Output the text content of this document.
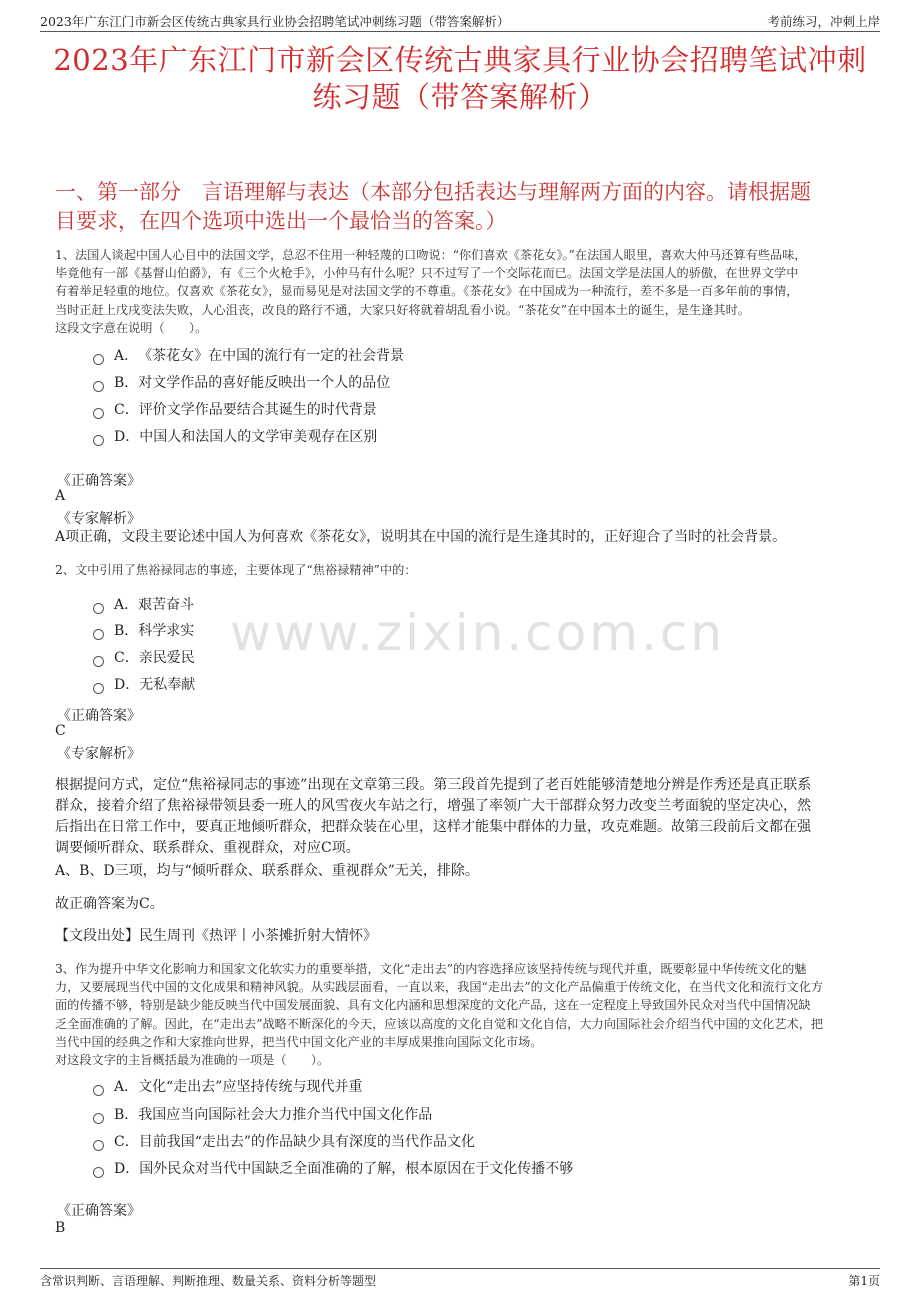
2023年广东江门市新会区传统古典家具行业协会招聘笔试冲刺练习题（带答案解析）	考前练习，冲刺上岸
2023年广东江门市新会区传统古典家具行业协会招聘笔试冲刺
练习题（带答案解析）
一、第一部分　言语理解与表达（本部分包括表达与理解两方面的内容。请根据题
目要求，在四个选项中选出一个最恰当的答案。）
www.zixin.com.cn
1、法国人谈起中国人心目中的法国文学，总忍不住用一种轻蔑的口吻说：“你们喜欢《茶花女》。”在法国人眼里，喜欢大仲马还算有些品味，
毕竟他有一部《基督山伯爵》，有《三个火枪手》，小仲马有什么呢？只不过写了一个交际花而已。法国文学是法国人的骄傲，在世界文学中
有着举足轻重的地位。仅喜欢《茶花女》，显而易见是对法国文学的不尊重。《茶花女》在中国成为一种流行，差不多是一百多年前的事情，
当时正赶上戊戌变法失败，人心沮丧，改良的路行不通，大家只好将就着胡乱看小说。“茶花女”在中国本土的诞生，是生逢其时。
这段文字意在说明（　　）。
A． 《茶花女》在中国的流行有一定的社会背景
B． 对文学作品的喜好能反映出一个人的品位
C． 评价文学作品要结合其诞生的时代背景
D． 中国人和法国人的文学审美观存在区别
《正确答案》
A
《专家解析》
A项正确，文段主要论述中国人为何喜欢《茶花女》，说明其在中国的流行是生逢其时的，正好迎合了当时的社会背景。
2、文中引用了焦裕禄同志的事迹，主要体现了“焦裕禄精神”中的：
A． 艰苦奋斗
B． 科学求实
C． 亲民爱民
D． 无私奉献
《正确答案》
C
《专家解析》
根据提问方式，定位“焦裕禄同志的事迹”出现在文章第三段。第三段首先提到了老百姓能够清楚地分辨是作秀还是真正联系
群众，接着介绍了焦裕禄带领县委一班人的风雪夜火车站之行，增强了率领广大干部群众努力改变兰考面貌的坚定决心，然
后指出在日常工作中，要真正地倾听群众，把群众装在心里，这样才能集中群体的力量，攻克难题。故第三段前后文都在强
调要倾听群众、联系群众、重视群众，对应C项。
A、B、D三项，均与“倾听群众、联系群众、重视群众”无关，排除。
故正确答案为C。
【文段出处】民生周刊《热评丨小茶摊折射大情怀》
3、作为提升中华文化影响力和国家文化软实力的重要举措，文化“走出去”的内容选择应该坚持传统与现代并重，既要彰显中华传统文化的魅
力，又要展现当代中国的文化成果和精神风貌。从实践层面看，一直以来，我国“走出去”的文化产品偏重于传统文化，在当代文化和流行文化方
面的传播不够，特别是缺少能反映当代中国发展面貌、具有文化内涵和思想深度的文化产品，这在一定程度上导致国外民众对当代中国情况缺
乏全面准确的了解。因此，在“走出去”战略不断深化的今天，应该以高度的文化自觉和文化自信，大力向国际社会介绍当代中国的文化艺术，把
当代中国的经典之作和大家推向世界，把当代中国文化产业的丰厚成果推向国际文化市场。
对这段文字的主旨概括最为准确的一项是（　　）。
A． 文化“走出去”应坚持传统与现代并重
B． 我国应当向国际社会大力推介当代中国文化作品
C． 目前我国“走出去”的作品缺少具有深度的当代作品文化
D． 国外民众对当代中国缺乏全面准确的了解，根本原因在于文化传播不够
《正确答案》
B
含常识判断、言语理解、判断推理、数量关系、资料分析等题型	第1页
